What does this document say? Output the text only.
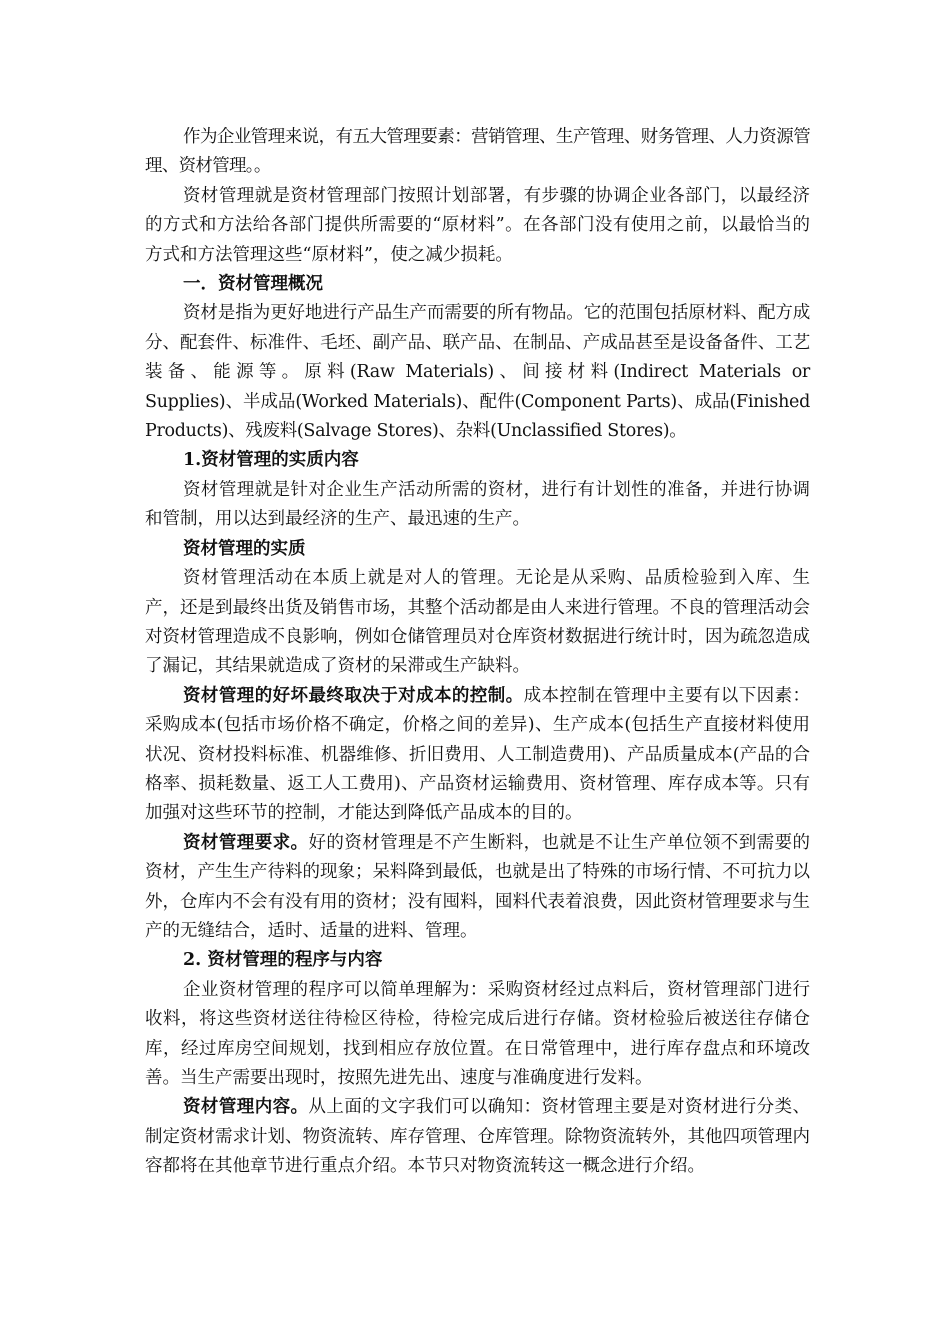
作为企业管理来说，有五大管理要素：营销管理、生产管理、财务管理、人力资源管理、资材管理。。

资材管理就是资材管理部门按照计划部署，有步骤的协调企业各部门，以最经济的方式和方法给各部门提供所需要的“原材料”。在各部门没有使用之前，以最恰当的方式和方法管理这些“原材料”，使之减少损耗。

一．资材管理概况

资材是指为更好地进行产品生产而需要的所有物品。它的范围包括原材料、配方成分、配套件、标准件、毛坯、副产品、联产品、在制品、产成品甚至是设备备件、工艺装备、能源等。原料(Raw Materials)、间接材料(Indirect Materials or Supplies)、半成品(Worked Materials)、配件(Component Parts)、成品(Finished Products)、残废料(Salvage Stores)、杂料(Unclassified Stores)。

1.资材管理的实质内容

资材管理就是针对企业生产活动所需的资材，进行有计划性的准备，并进行协调和管制，用以达到最经济的生产、最迅速的生产。

资材管理的实质

资材管理活动在本质上就是对人的管理。无论是从采购、品质检验到入库、生产，还是到最终出货及销售市场，其整个活动都是由人来进行管理。不良的管理活动会对资材管理造成不良影响，例如仓储管理员对仓库资材数据进行统计时，因为疏忽造成了漏记，其结果就造成了资材的呆滞或生产缺料。

资材管理的好坏最终取决于对成本的控制。成本控制在管理中主要有以下因素：采购成本(包括市场价格不确定，价格之间的差异)、生产成本(包括生产直接材料使用状况、资材投料标准、机器维修、折旧费用、人工制造费用)、产品质量成本(产品的合格率、损耗数量、返工人工费用)、产品资材运输费用、资材管理、库存成本等。只有加强对这些环节的控制，才能达到降低产品成本的目的。

资材管理要求。好的资材管理是不产生断料，也就是不让生产单位领不到需要的资材，产生生产待料的现象；呆料降到最低，也就是出了特殊的市场行情、不可抗力以外，仓库内不会有没有用的资材；没有囤料，囤料代表着浪费，因此资材管理要求与生产的无缝结合，适时、适量的进料、管理。

2. 资材管理的程序与内容

企业资材管理的程序可以简单理解为：采购资材经过点料后，资材管理部门进行收料，将这些资材送往待检区待检，待检完成后进行存储。资材检验后被送往存储仓库，经过库房空间规划，找到相应存放位置。在日常管理中，进行库存盘点和环境改善。当生产需要出现时，按照先进先出、速度与准确度进行发料。

资材管理内容。从上面的文字我们可以确知：资材管理主要是对资材进行分类、制定资材需求计划、物资流转、库存管理、仓库管理。除物资流转外，其他四项管理内容都将在其他章节进行重点介绍。本节只对物资流转这一概念进行介绍。
